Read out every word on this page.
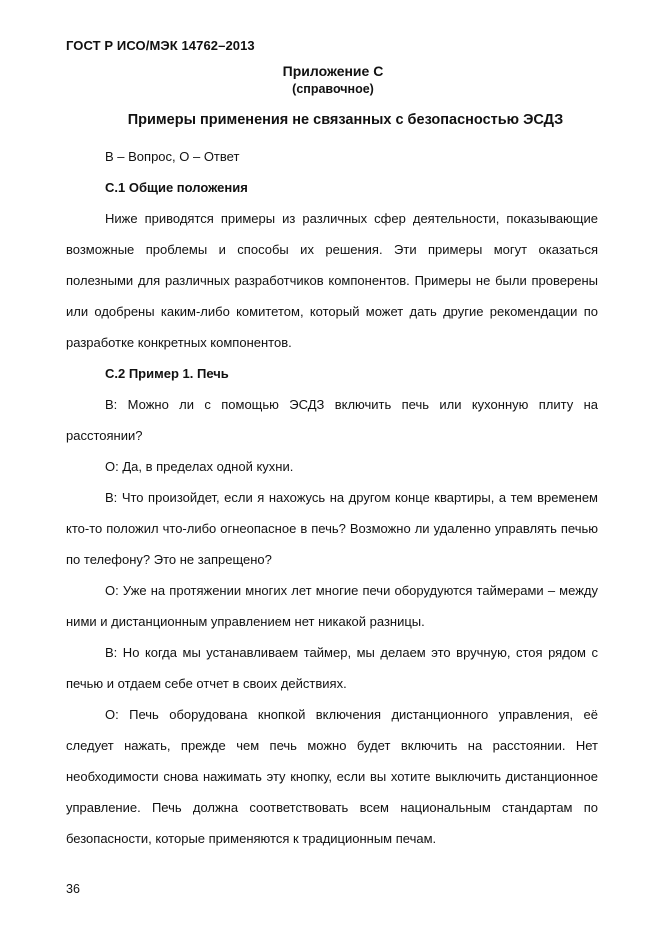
ГОСТ Р ИСО/МЭК 14762–2013
Приложение С
(справочное)
Примеры применения не связанных с безопасностью ЭСДЗ

В – Вопрос, О – Ответ

С.1 Общие положения

Ниже приводятся примеры из различных сфер деятельности, показывающие возможные проблемы и способы их решения. Эти примеры могут оказаться полезными для различных разработчиков компонентов. Примеры не были проверены или одобрены каким-либо комитетом, который может дать другие рекомендации по разработке конкретных компонентов.

С.2 Пример 1. Печь

В: Можно ли с помощью ЭСДЗ включить печь или кухонную плиту на расстоянии?

О: Да, в пределах одной кухни.

В: Что произойдет, если я нахожусь на другом конце квартиры, а тем временем кто-то положил что-либо огнеопасное в печь? Возможно ли удаленно управлять печью по телефону? Это не запрещено?

О: Уже на протяжении многих лет многие печи оборудуются таймерами – между ними и дистанционным управлением нет никакой разницы.

В: Но когда мы устанавливаем таймер, мы делаем это вручную, стоя рядом с печью и отдаем себе отчет в своих действиях.

О: Печь оборудована кнопкой включения дистанционного управления, её следует нажать, прежде чем печь можно будет включить на расстоянии. Нет необходимости снова нажимать эту кнопку, если вы хотите выключить дистанционное управление. Печь должна соответствовать всем национальным стандартам по безопасности, которые применяются к традиционным печам.

36
